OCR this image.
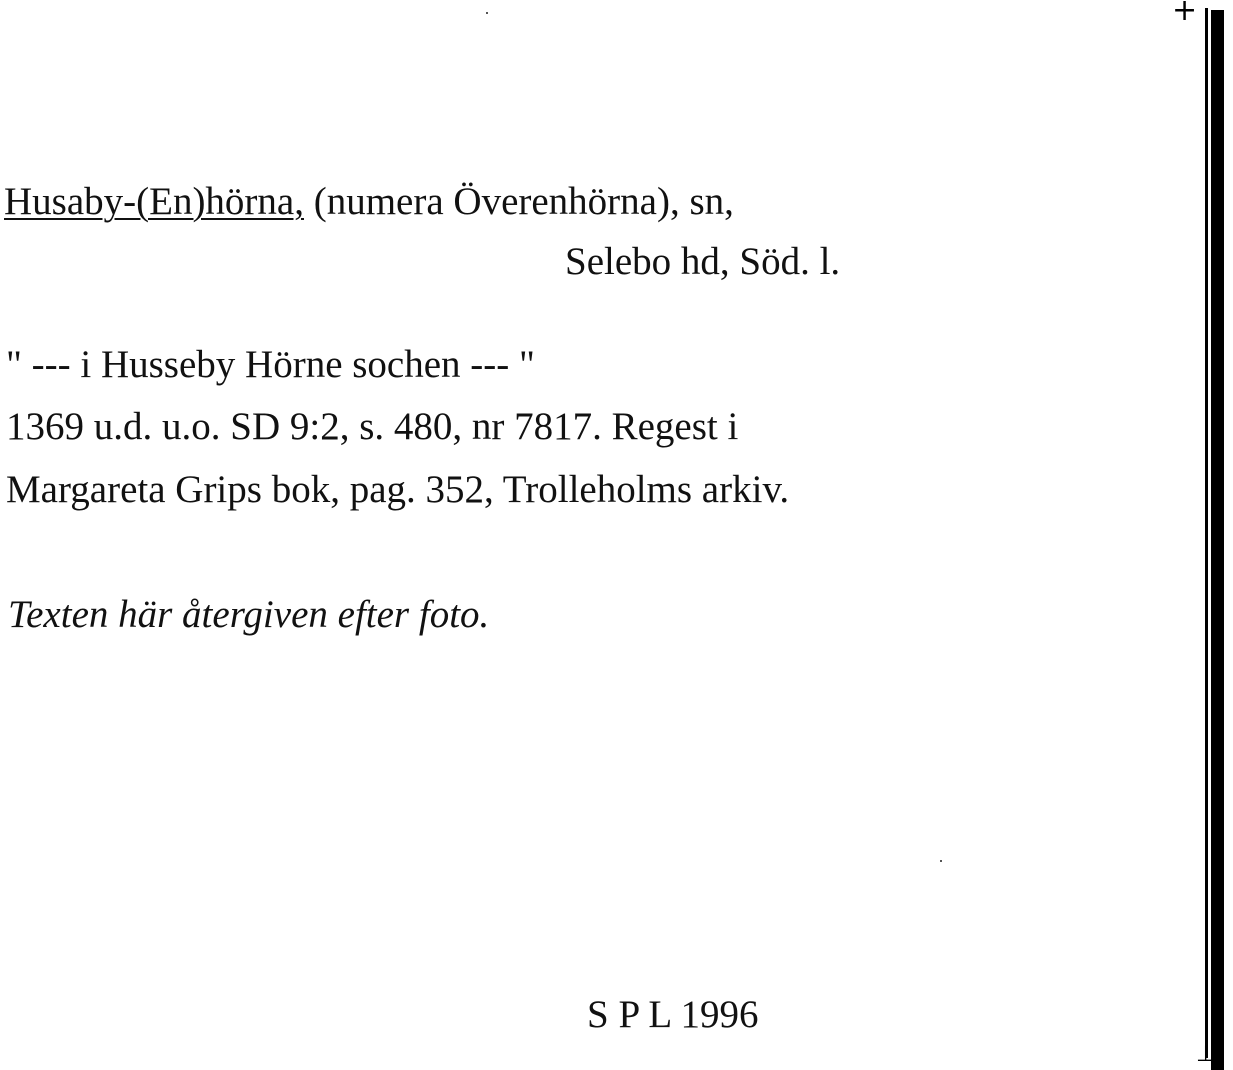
Husaby-(En)hörna, (numera Överenhörna), sn,
Selebo hd, Söd. l.
" --- i Husseby Hörne sochen --- "
1369 u.d. u.o. SD 9:2, s. 480, nr 7817. Regest i
Margareta Grips bok, pag. 352, Trolleholms arkiv.
Texten här återgiven efter foto.
S P L 1996
+
⊥
